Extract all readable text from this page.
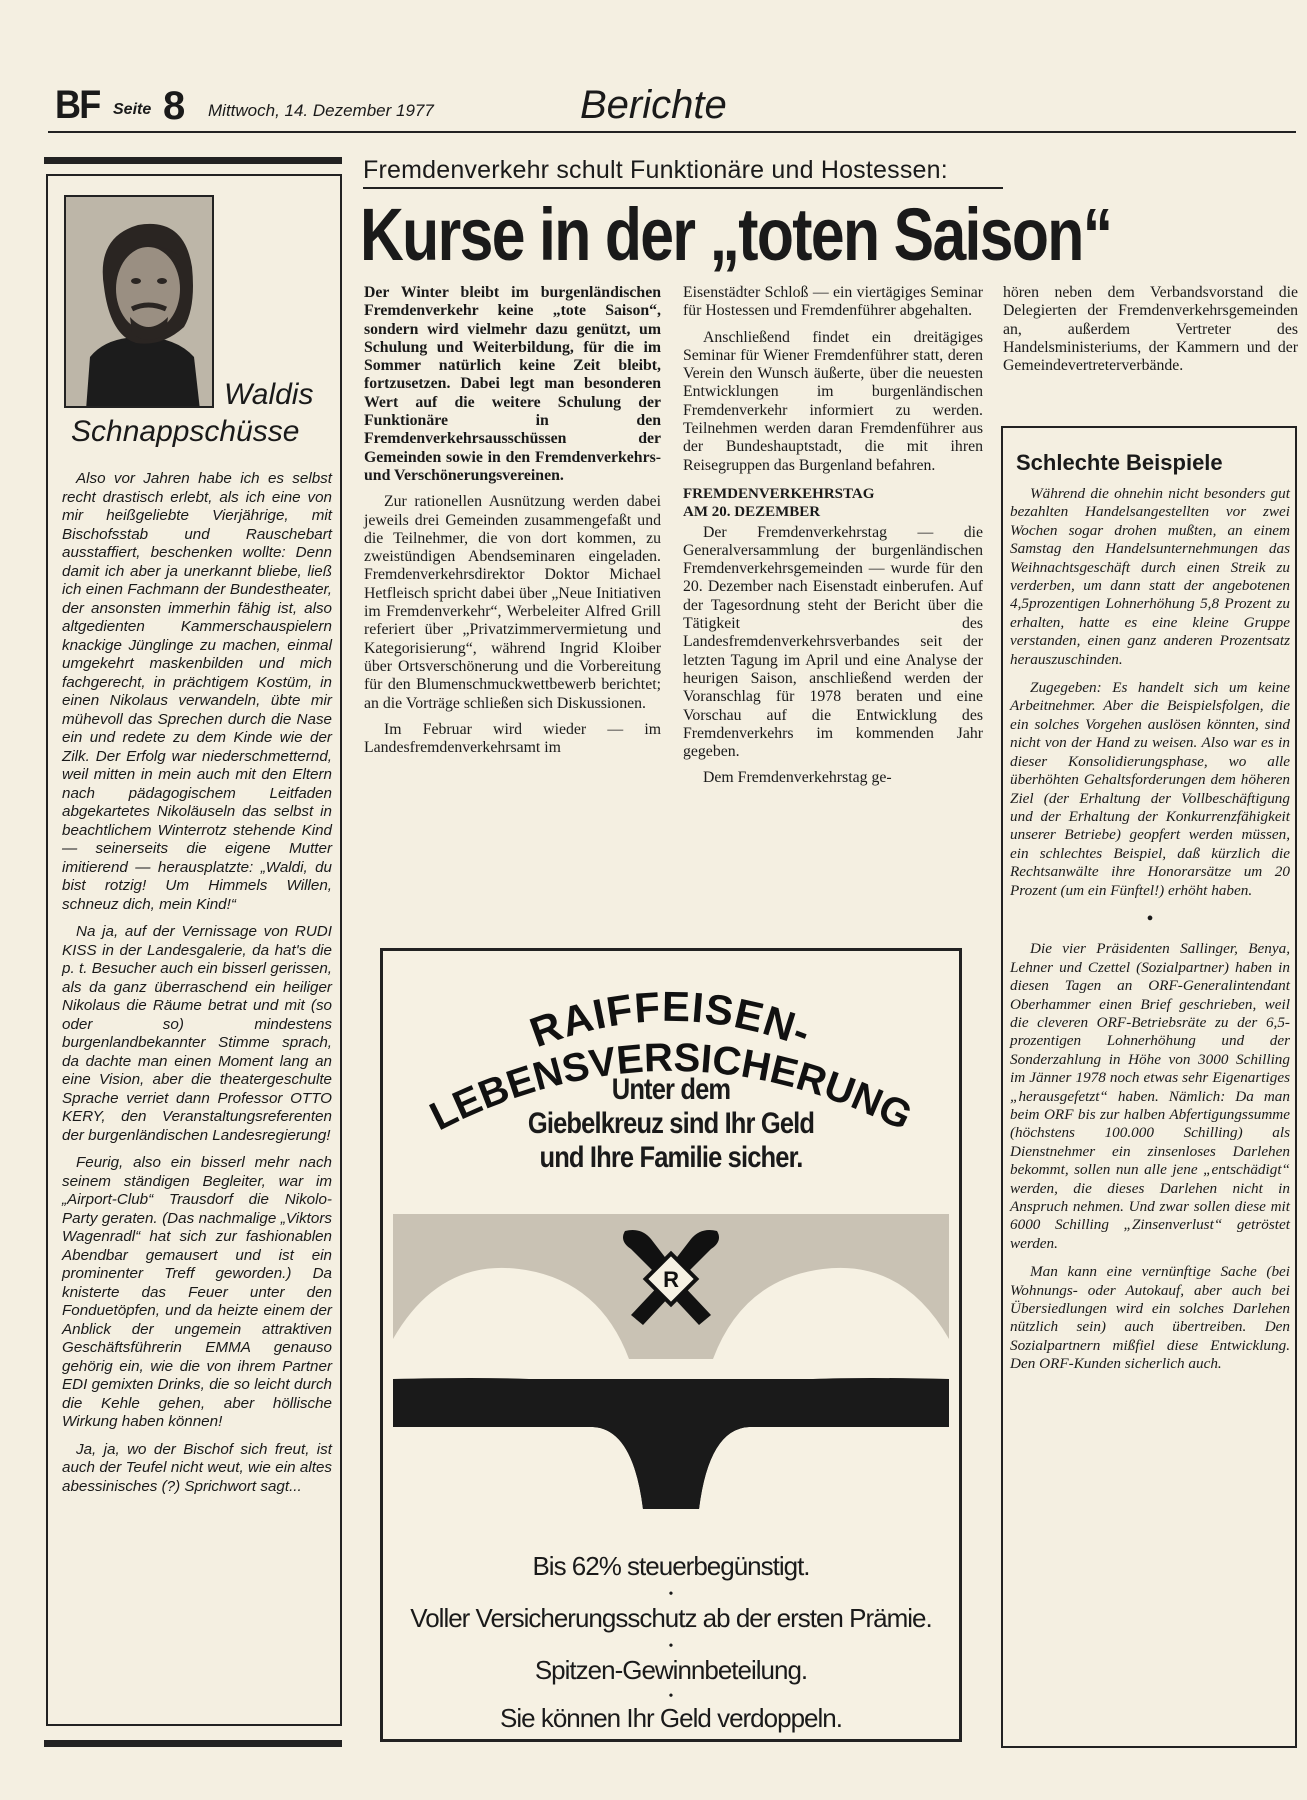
BF Seite 8 Mittwoch, 14. Dezember 1977	Berichte
Waldis
Schnappschüsse

Also vor Jahren habe ich es selbst recht drastisch erlebt, als ich eine von mir heißgeliebte Vierjährige, mit Bischofsstab und Rauschebart ausstaffiert, beschenken wollte: Denn damit ich aber ja unerkannt bliebe, ließ ich einen Fachmann der Bundestheater, der ansonsten immerhin fähig ist, also altgedienten Kammerschauspielern knackige Jünglinge zu machen, einmal umgekehrt maskenbilden und mich fachgerecht, in prächtigem Kostüm, in einen Nikolaus verwandeln, übte mir mühevoll das Sprechen durch die Nase ein und redete zu dem Kinde wie der Zilk. Der Erfolg war niederschmetternd, weil mitten in mein auch mit den Eltern nach pädagogischem Leitfaden abgekartetes Nikoläuseln das selbst in beachtlichem Winterrotz stehende Kind — seinerseits die eigene Mutter imitierend — herausplatzte: „Waldi, du bist rotzig! Um Himmels Willen, schneuz dich, mein Kind!“

Na ja, auf der Vernissage von RUDI KISS in der Landesgalerie, da hat's die p. t. Besucher auch ein bisserl gerissen, als da ganz überraschend ein heiliger Nikolaus die Räume betrat und mit (so oder so) mindestens burgenlandbekannter Stimme sprach, da dachte man einen Moment lang an eine Vision, aber die theatergeschulte Sprache verriet dann Professor OTTO KERY, den Veranstaltungsreferenten der burgenländischen Landesregierung!

Feurig, also ein bisserl mehr nach seinem ständigen Begleiter, war im „Airport-Club“ Trausdorf die Nikolo-Party geraten. (Das nachmalige „Viktors Wagenradl“ hat sich zur fashionablen Abendbar gemausert und ist ein prominenter Treff geworden.) Da knisterte das Feuer unter den Fonduetöpfen, und da heizte einem der Anblick der ungemein attraktiven Geschäftsführerin EMMA genauso gehörig ein, wie die von ihrem Partner EDI gemixten Drinks, die so leicht durch die Kehle gehen, aber höllische Wirkung haben können!

Ja, ja, wo der Bischof sich freut, ist auch der Teufel nicht weut, wie ein altes abessinisches (?) Sprichwort sagt...

Fremdenverkehr schult Funktionäre und Hostessen:
Kurse in der „toten Saison“

Der Winter bleibt im burgenländischen Fremdenverkehr keine „tote Saison“, sondern wird vielmehr dazu genützt, um Schulung und Weiterbildung, für die im Sommer natürlich keine Zeit bleibt, fortzusetzen. Dabei legt man besonderen Wert auf die weitere Schulung der Funktionäre in den Fremdenverkehrsausschüssen der Gemeinden sowie in den Fremdenverkehrs- und Verschönerungsvereinen.

Zur rationellen Ausnützung werden dabei jeweils drei Gemeinden zusammengefaßt und die Teilnehmer, die von dort kommen, zu zweistündigen Abendseminaren eingeladen. Fremdenverkehrsdirektor Doktor Michael Hetfleisch spricht dabei über „Neue Initiativen im Fremdenverkehr“, Werbeleiter Alfred Grill referiert über „Privatzimmervermietung und Kategorisierung“, während Ingrid Kloiber über Ortsverschönerung und die Vorbereitung für den Blumenschmuckwettbewerb berichtet; an die Vorträge schließen sich Diskussionen.

Im Februar wird wieder — im Landesfremdenverkehrsamt im

Eisenstädter Schloß — ein viertägiges Seminar für Hostessen und Fremdenführer abgehalten.

Anschließend findet ein dreitägiges Seminar für Wiener Fremdenführer statt, deren Verein den Wunsch äußerte, über die neuesten Entwicklungen im burgenländischen Fremdenverkehr informiert zu werden. Teilnehmen werden daran Fremdenführer aus der Bundeshauptstadt, die mit ihren Reisegruppen das Burgenland befahren.

FREMDENVERKEHRSTAG
AM 20. DEZEMBER

Der Fremdenverkehrstag — die Generalversammlung der burgenländischen Fremdenverkehrsgemeinden — wurde für den 20. Dezember nach Eisenstadt einberufen. Auf der Tagesordnung steht der Bericht über die Tätigkeit des Landesfremdenverkehrsverbandes seit der letzten Tagung im April und eine Analyse der heurigen Saison, anschließend werden der Voranschlag für 1978 beraten und eine Vorschau auf die Entwicklung des Fremdenverkehrs im kommenden Jahr gegeben.

Dem Fremdenverkehrstag ge-

hören neben dem Verbandsvorstand die Delegierten der Fremdenverkehrsgemeinden an, außerdem Vertreter des Handelsministeriums, der Kammern und der Gemeindevertreterverbände.

Schlechte Beispiele

Während die ohnehin nicht besonders gut bezahlten Handelsangestellten vor zwei Wochen sogar drohen mußten, an einem Samstag den Handelsunternehmungen das Weihnachtsgeschäft durch einen Streik zu verderben, um dann statt der angebotenen 4,5prozentigen Lohnerhöhung 5,8 Prozent zu erhalten, hatte es eine kleine Gruppe verstanden, einen ganz anderen Prozentsatz herauszuschinden.

Zugegeben: Es handelt sich um keine Arbeitnehmer. Aber die Beispielsfolgen, die ein solches Vorgehen auslösen könnten, sind nicht von der Hand zu weisen. Also war es in dieser Konsolidierungsphase, wo alle überhöhten Gehaltsforderungen dem höheren Ziel (der Erhaltung der Vollbeschäftigung und der Erhaltung der Konkurrenzfähigkeit unserer Betriebe) geopfert werden müssen, ein schlechtes Beispiel, daß kürzlich die Rechtsanwälte ihre Honorarsätze um 20 Prozent (um ein Fünftel!) erhöht haben.

•

Die vier Präsidenten Sallinger, Benya, Lehner und Czettel (Sozialpartner) haben in diesen Tagen an ORF-Generalintendant Oberhammer einen Brief geschrieben, weil die cleveren ORF-Betriebsräte zu der 6,5-prozentigen Lohnerhöhung und der Sonderzahlung in Höhe von 3000 Schilling im Jänner 1978 noch etwas sehr Eigenartiges „herausgefetzt“ haben. Nämlich: Da man beim ORF bis zur halben Abfertigungssumme (höchstens 100.000 Schilling) als Dienstnehmer ein zinsenloses Darlehen bekommt, sollen nun alle jene „entschädigt“ werden, die dieses Darlehen nicht in Anspruch nehmen. Und zwar sollen diese mit 6000 Schilling „Zinsenverlust“ getröstet werden.

Man kann eine vernünftige Sache (bei Wohnungs- oder Autokauf, aber auch bei Übersiedlungen wird ein solches Darlehen nützlich sein) auch übertreiben. Den Sozialpartnern mißfiel diese Entwicklung. Den ORF-Kunden sicherlich auch.

RAIFFEISEN-
LEBENSVERSICHERUNG
Unter dem
Giebelkreuz sind Ihr Geld
und Ihre Familie sicher.
R
Bis 62% steuerbegünstigt.
•
Voller Versicherungsschutz ab der ersten Prämie.
•
Spitzen-Gewinnbeteilung.
•
Sie können Ihr Geld verdoppeln.
